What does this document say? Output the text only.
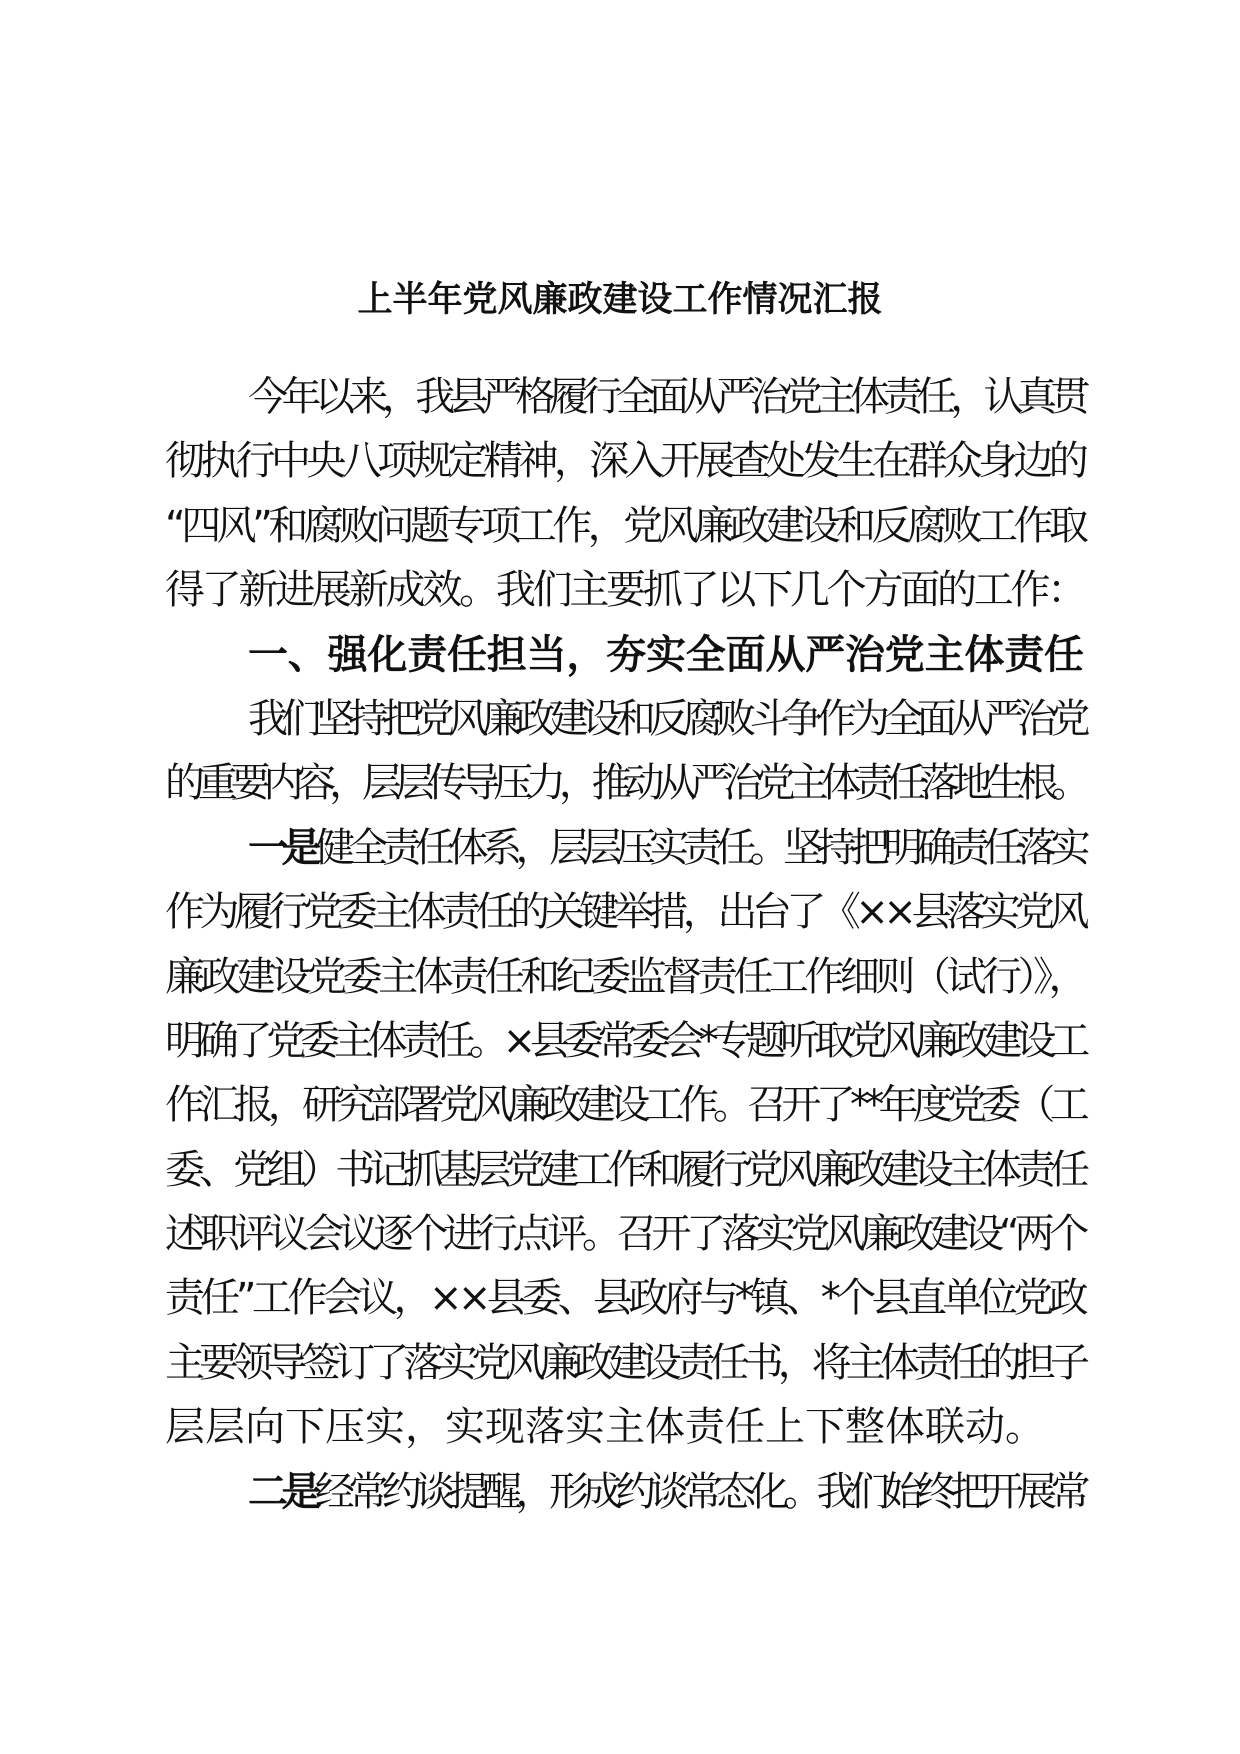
上半年党风廉政建设工作情况汇报
今年以来，我县严格履行全面从严治党主体责任，认真贯
彻执行中央八项规定精神，深入开展查处发生在群众身边的
“四风”和腐败问题专项工作，党风廉政建设和反腐败工作取
得了新进展新成效。我们主要抓了以下几个方面的工作：
一、强化责任担当，夯实全面从严治党主体责任
我们坚持把党风廉政建设和反腐败斗争作为全面从严治党
的重要内容，层层传导压力，推动从严治党主体责任落地生根。
一是健全责任体系，层层压实责任。坚持把明确责任落实
作为履行党委主体责任的关键举措，出台了《××县落实党风
廉政建设党委主体责任和纪委监督责任工作细则（试行）》，
明确了党委主体责任。×县委常委会*专题听取党风廉政建设工
作汇报，研究部署党风廉政建设工作。召开了**年度党委（工
委、党组）书记抓基层党建工作和履行党风廉政建设主体责任
述职评议会议逐个进行点评。召开了落实党风廉政建设“两个
责任”工作会议，××县委、县政府与*镇、*个县直单位党政
主要领导签订了落实党风廉政建设责任书，将主体责任的担子
层层向下压实，实现落实主体责任上下整体联动。
二是经常约谈提醒，形成约谈常态化。我们始终把开展常
